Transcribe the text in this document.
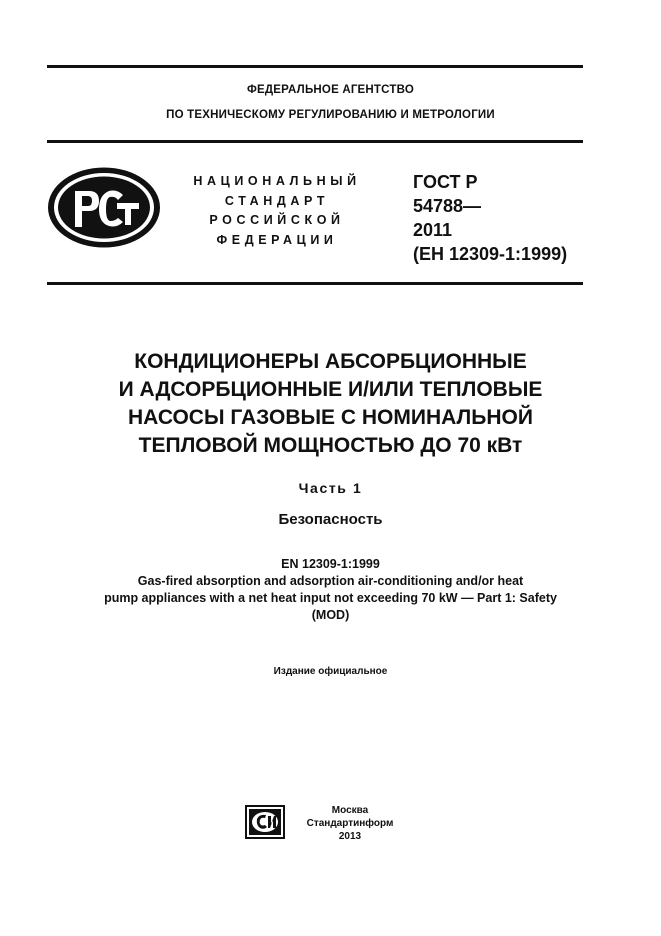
ФЕДЕРАЛЬНОЕ АГЕНТСТВО
ПО ТЕХНИЧЕСКОМУ РЕГУЛИРОВАНИЮ И МЕТРОЛОГИИ
НАЦИОНАЛЬНЫЙ
СТАНДАРТ
РОССИЙСКОЙ
ФЕДЕРАЦИИ
ГОСТ Р
54788—
2011
(ЕН 12309-1:1999)
КОНДИЦИОНЕРЫ АБСОРБЦИОННЫЕ
И АДСОРБЦИОННЫЕ И/ИЛИ ТЕПЛОВЫЕ
НАСОСЫ ГАЗОВЫЕ С НОМИНАЛЬНОЙ
ТЕПЛОВОЙ МОЩНОСТЬЮ ДО 70 кВт
Часть 1
Безопасность
EN 12309-1:1999
Gas-fired absorption and adsorption air-conditioning and/or heat
pump appliances with a net heat input not exceeding 70 kW — Part 1: Safety
(MOD)
Издание официальное
Москва
Стандартинформ
2013
